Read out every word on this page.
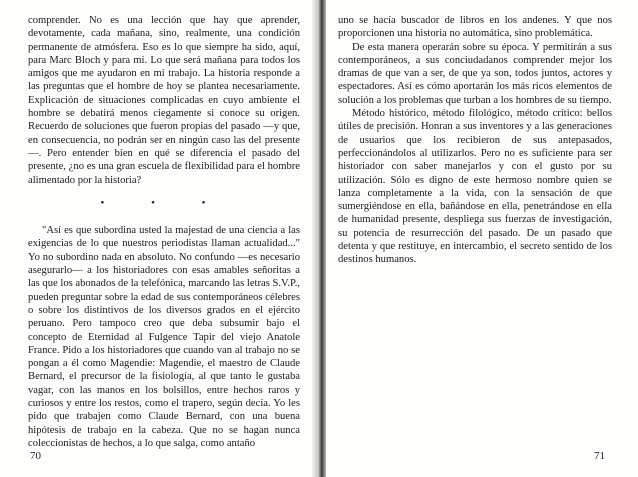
comprender. No es una lección que hay que aprender, devotamente, cada mañana, sino, realmente, una condición permanente de atmósfera. Eso es lo que siempre ha sido, aquí, para Marc Bloch y para mí. Lo que será mañana para todos los amigos que me ayudaron en mi trabajo. La historia responde a las preguntas que el hombre de hoy se plantea necesariamente. Explicación de situaciones complicadas en cuyo ambiente el hombre se debatirá menos ciegamente si conoce su origen. Recuerdo de soluciones que fueron propias del pasado —y que, en consecuencia, no podrán ser en ningún caso las del presente—. Pero entender bien en qué se diferencia el pasado del presente, ¿no es una gran escuela de flexibilidad para el hombre alimentado por la historia?

• • •

"Así es que subordina usted la majestad de una ciencia a las exigencias de lo que nuestros periodistas llaman actualidad..." Yo no subordino nada en absoluto. No confundo —es necesario asegurarlo— a los historiadores con esas amables señoritas a las que los abonados de la telefónica, marcando las letras S.V.P., pueden preguntar sobre la edad de sus contemporáneos célebres o sobre los distintivos de los diversos grados en el ejército peruano. Pero tampoco creo que deba subsumir bajo el concepto de Eternidad al Fulgence Tapir del viejo Anatole France. Pido a los historiadores que cuando van al trabajo no se pongan a él como Magendie: Magendie, el maestro de Claude Bernard, el precursor de la fisiología, al que tanto le gustaba vagar, con las manos en los bolsillos, entre hechos raros y curiosos y entre los restos, como el trapero, según decía. Yo les pido que trabajen como Claude Bernard, con una buena hipótesis de trabajo en la cabeza. Que no se hagan nunca coleccionistas de hechos, a lo que salga, como antaño

uno se hacía buscador de libros en los andenes. Y que nos proporcionen una historia no automática, sino problemática.

De esta manera operarán sobre su época. Y permitirán a sus contemporáneos, a sus conciudadanos comprender mejor los dramas de que van a ser, de que ya son, todos juntos, actores y espectadores. Así es cómo aportarán los más ricos elementos de solución a los problemas que turban a los hombres de su tiempo.

Método histórico, método filológico, método crítico: bellos útiles de precisión. Honran a sus inventores y a las generaciones de usuarios que los recibieron de sus antepasados, perfeccionándolos al utilizarlos. Pero no es suficiente para ser historiador con saber manejarlos y con el gusto por su utilización. Sólo es digno de este hermoso nombre quien se lanza completamente a la vida, con la sensación de que sumergiéndose en ella, bañándose en ella, penetrándose en ella de humanidad presente, despliega sus fuerzas de investigación, su potencia de resurrección del pasado. De un pasado que detenta y que restituye, en intercambio, el secreto sentido de los destinos humanos.

70	71
